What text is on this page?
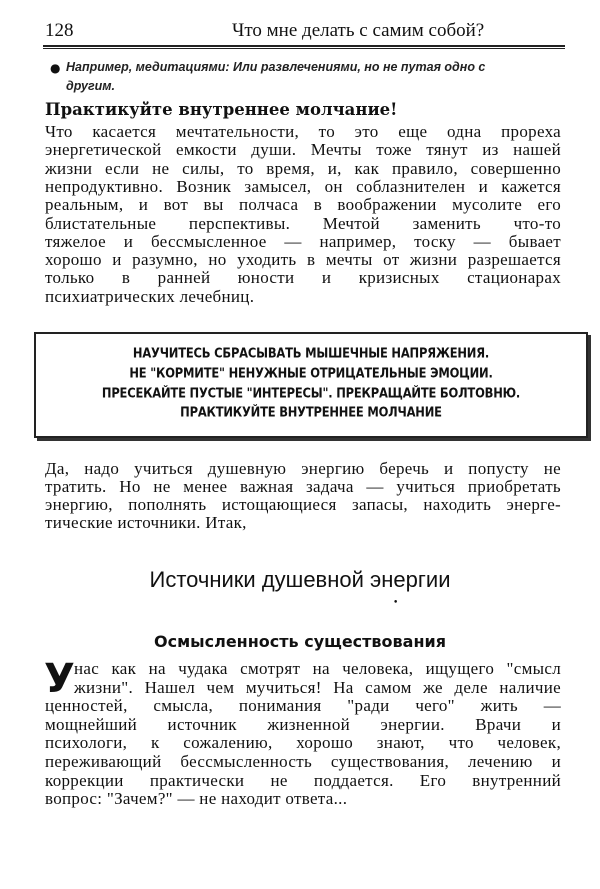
128	Что мне делать с самим собой?
● Например, медитациями: Или развлечениями, но не путая одно с
другим.
Практикуйте внутреннее молчание!
Что касается мечтательности, то это еще одна прореха
энергетической емкости души. Мечты тоже тянут из нашей
жизни если не силы, то время, и, как правило, совершенно
непродуктивно. Возник замысел, он соблазнителен и кажется
реальным, и вот вы полчаса в воображении мусолите его
блистательные перспективы. Мечтой заменить что-то
тяжелое и бессмысленное — например, тоску — бывает
хорошо и разумно, но уходить в мечты от жизни разрешается
только в ранней юности и кризисных стационарах
психиатрических лечебниц.
НАУЧИТЕСЬ СБРАСЫВАТЬ МЫШЕЧНЫЕ НАПРЯЖЕНИЯ.
НЕ "КОРМИТЕ" НЕНУЖНЫЕ ОТРИЦАТЕЛЬНЫЕ ЭМОЦИИ.
ПРЕСЕКАЙТЕ ПУСТЫЕ "ИНТЕРЕСЫ". ПРЕКРАЩАЙТЕ БОЛТОВНЮ.
ПРАКТИКУЙТЕ ВНУТРЕННЕЕ МОЛЧАНИЕ
Да, надо учиться душевную энергию беречь и попусту не
тратить. Но не менее важная задача — учиться приобретать
энергию, пополнять истощающиеся запасы, находить энерге-
тические источники. Итак,
Источники душевной энергии
•
Осмысленность существования
У нас как на чудака смотрят на человека, ищущего "смысл
жизни". Нашел чем мучиться! На самом же деле наличие
ценностей, смысла, понимания "ради чего" жить —
мощнейший источник жизненной энергии. Врачи и
психологи, к сожалению, хорошо знают, что человек,
переживающий бессмысленность существования, лечению и
коррекции практически не поддается. Его внутренний
вопрос: "Зачем?" — не находит ответа...
